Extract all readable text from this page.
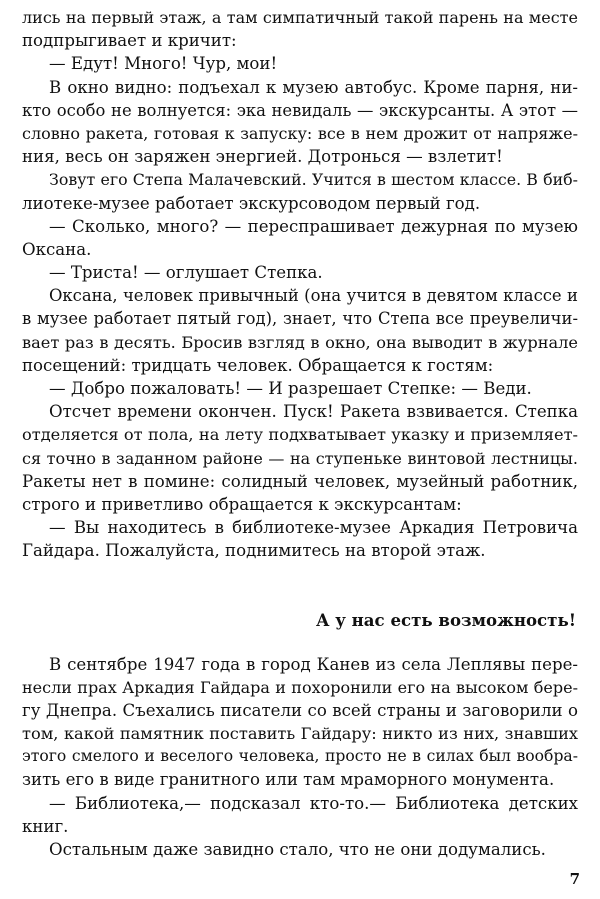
лись на первый этаж, а там симпатичный такой парень на месте
подпрыгивает и кричит:
— Едут! Много! Чур, мои!
В окно видно: подъехал к музею автобус. Кроме парня, ни-
кто особо не волнуется: эка невидаль — экскурсанты. А этот —
словно ракета, готовая к запуску: все в нем дрожит от напряже-
ния, весь он заряжен энергией. Дотронься — взлетит!
Зовут его Степа Малачевский. Учится в шестом классе. В биб-
лиотеке-музее работает экскурсоводом первый год.
— Сколько, много? — переспрашивает дежурная по музею
Оксана.
— Триста! — оглушает Степка.
Оксана, человек привычный (она учится в девятом классе и
в музее работает пятый год), знает, что Степа все преувеличи-
вает раз в десять. Бросив взгляд в окно, она выводит в журнале
посещений: тридцать человек. Обращается к гостям:
— Добро пожаловать! — И разрешает Степке: — Веди.
Отсчет времени окончен. Пуск! Ракета взвивается. Степка
отделяется от пола, на лету подхватывает указку и приземляет-
ся точно в заданном районе — на ступеньке винтовой лестницы.
Ракеты нет в помине: солидный человек, музейный работник,
строго и приветливо обращается к экскурсантам:
— Вы находитесь в библиотеке-музее Аркадия Петровича
Гайдара. Пожалуйста, поднимитесь на второй этаж.
А у нас есть возможность!
В сентябре 1947 года в город Канев из села Леплявы пере-
несли прах Аркадия Гайдара и похоронили его на высоком бере-
гу Днепра. Съехались писатели со всей страны и заговорили о
том, какой памятник поставить Гайдару: никто из них, знавших
этого смелого и веселого человека, просто не в силах был вообра-
зить его в виде гранитного или там мраморного монумента.
— Библиотека,— подсказал кто-то.— Библиотека детских
книг.
Остальным даже завидно стало, что не они додумались.
7
